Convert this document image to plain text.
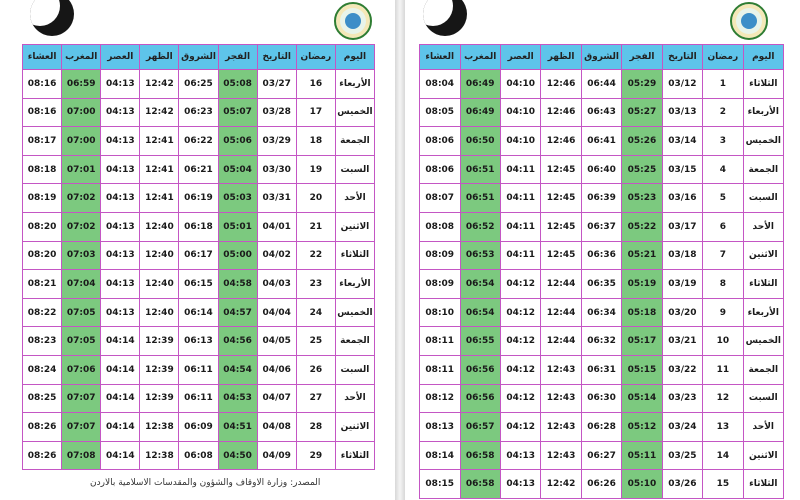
اليوم	رمضان	التاريخ	الفجر	الشروق	الظهر	العصر	المغرب	العشاء
الأربعاء	16	03/27	05:08	06:25	12:42	04:13	06:59	08:16
الخميس	17	03/28	05:07	06:23	12:42	04:13	07:00	08:16
الجمعة	18	03/29	05:06	06:22	12:41	04:13	07:00	08:17
السبت	19	03/30	05:04	06:21	12:41	04:13	07:01	08:18
الأحد	20	03/31	05:03	06:19	12:41	04:13	07:02	08:19
الاثنين	21	04/01	05:01	06:18	12:40	04:13	07:02	08:20
الثلاثاء	22	04/02	05:00	06:17	12:40	04:13	07:03	08:20
الأربعاء	23	04/03	04:58	06:15	12:40	04:13	07:04	08:21
الخميس	24	04/04	04:57	06:14	12:40	04:13	07:05	08:22
الجمعة	25	04/05	04:56	06:13	12:39	04:14	07:05	08:23
السبت	26	04/06	04:54	06:11	12:39	04:14	07:06	08:24
الأحد	27	04/07	04:53	06:11	12:39	04:14	07:07	08:25
الاثنين	28	04/08	04:51	06:09	12:38	04:14	07:07	08:26
الثلاثاء	29	04/09	04:50	06:08	12:38	04:14	07:08	08:26
المصدر: وزارة الاوقاف والشؤون والمقدسات الاسلامية بالاردن
اليوم	رمضان	التاريخ	الفجر	الشروق	الظهر	العصر	المغرب	العشاء
الثلاثاء	1	03/12	05:29	06:44	12:46	04:10	06:49	08:04
الأربعاء	2	03/13	05:27	06:43	12:46	04:10	06:49	08:05
الخميس	3	03/14	05:26	06:41	12:46	04:10	06:50	08:06
الجمعة	4	03/15	05:25	06:40	12:45	04:11	06:51	08:06
السبت	5	03/16	05:23	06:39	12:45	04:11	06:51	08:07
الأحد	6	03/17	05:22	06:37	12:45	04:11	06:52	08:08
الاثنين	7	03/18	05:21	06:36	12:45	04:11	06:53	08:09
الثلاثاء	8	03/19	05:19	06:35	12:44	04:12	06:54	08:09
الأربعاء	9	03/20	05:18	06:34	12:44	04:12	06:54	08:10
الخميس	10	03/21	05:17	06:32	12:44	04:12	06:55	08:11
الجمعة	11	03/22	05:15	06:31	12:43	04:12	06:56	08:11
السبت	12	03/23	05:14	06:30	12:43	04:12	06:56	08:12
الأحد	13	03/24	05:12	06:28	12:43	04:12	06:57	08:13
الاثنين	14	03/25	05:11	06:27	12:43	04:13	06:58	08:14
الثلاثاء	15	03/26	05:10	06:26	12:42	04:13	06:58	08:15
